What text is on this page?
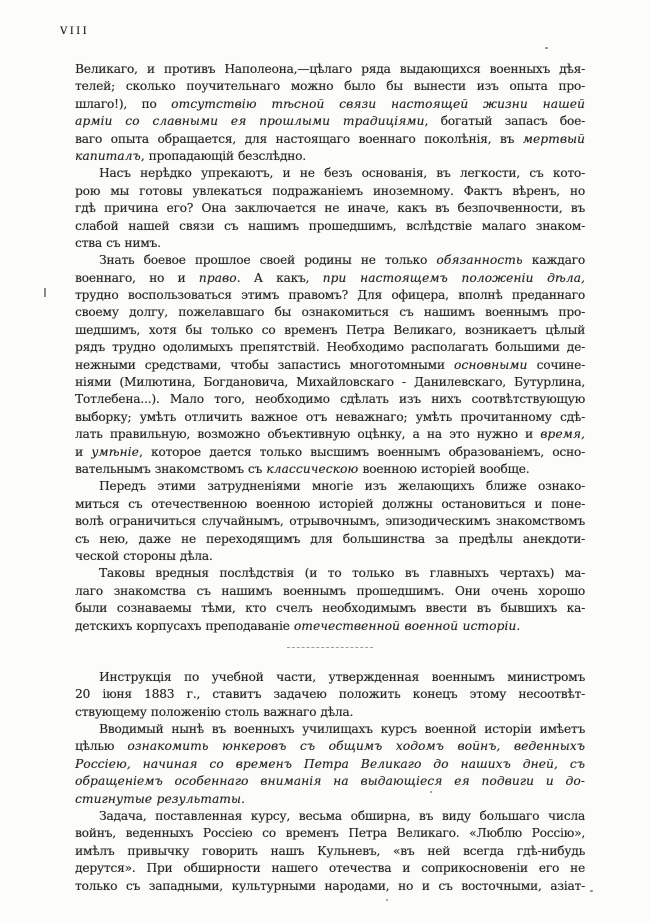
viii

Великаго, и противъ Наполеона,—цѣлаго ряда выдающихся военныхъ дѣя-
телей; сколько поучительнаго можно было бы вынести изъ опыта про-
шлаго!), по отсутствію тѣсной связи настоящей жизни нашей
арміи со славными ея прошлыми традиціями, богатый запасъ бое-
ваго опыта обращается, для настоящаго военнаго поколѣнія, въ мертвый
капиталъ, пропадающій безслѣдно.

Насъ нерѣдко упрекаютъ, и не безъ основанія, въ легкости, съ кото-
рою мы готовы увлекаться подражаніемъ иноземному. Фактъ вѣренъ, но
гдѣ причина его? Она заключается не иначе, какъ въ безпочвенности, въ
слабой нашей связи съ нашимъ прошедшимъ, вслѣдствіе малаго знаком-
ства съ нимъ.

Знать боевое прошлое своей родины не только обязанность каждаго
военнаго, но и право. А какъ, при настоящемъ положеніи дѣла,
трудно воспользоваться этимъ правомъ? Для офицера, вполнѣ преданнаго
своему долгу, пожелавшаго бы ознакомиться съ нашимъ военнымъ про-
шедшимъ, хотя бы только со временъ Петра Великаго, возникаетъ цѣлый
рядъ трудно одолимыхъ препятствій. Необходимо располагать большими де-
нежными средствами, чтобы запастись многотомными основными сочине-
ніями (Милютина, Богдановича, Михайловскаго - Данилевскаго, Бутурлина,
Тотлебена...). Мало того, необходимо сдѣлать изъ нихъ соотвѣтствующую
выборку; умѣть отличить важное отъ неважнаго; умѣть прочитанному сдѣ-
лать правильную, возможно объективную оцѣнку, а на это нужно и время,
и умѣніе, которое дается только высшимъ военнымъ образованіемъ, осно-
вательнымъ знакомствомъ съ классическою военною исторіей вообще.

Передъ этими затрудненіями многіе изъ желающихъ ближе ознако-
миться съ отечественною военною исторіей должны остановиться и поне-
волѣ ограничиться случайнымъ, отрывочнымъ, эпизодическимъ знакомствомъ
съ нею, даже не переходящимъ для большинства за предѣлы анекдоти-
ческой стороны дѣла.

Таковы вредныя послѣдствія (и то только въ главныхъ чертахъ) ма-
лаго знакомства съ нашимъ военнымъ прошедшимъ. Они очень хорошо
были сознаваемы тѣми, кто счелъ необходимымъ ввести въ бывшихъ ка-
детскихъ корпусахъ преподаваніе отечественной военной исторіи.

Инструкція по учебной части, утвержденная военнымъ министромъ
20 іюня 1883 г., ставитъ задачею положить конецъ этому несоотвѣт-
ствующему положенію столь важнаго дѣла.

Вводимый нынѣ въ военныхъ училищахъ курсъ военной исторіи имѣетъ
цѣлью ознакомить юнкеровъ съ общимъ ходомъ войнъ, веденныхъ
Россіею, начиная со временъ Петра Великаго до нашихъ дней, съ
обращеніемъ особеннаго вниманія на выдающіеся ея подвиги и до-
стигнутые результаты.

Задача, поставленная курсу, весьма обширна, въ виду большаго числа
войнъ, веденныхъ Россіею со временъ Петра Великаго. «Люблю Россію»,
имѣлъ привычку говорить нашъ Кульневъ, «въ ней всегда гдѣ-нибудь
дерутся». При обширности нашего отечества и соприкосновеніи его не
только съ западными, культурными народами, но и съ восточными, азіат-
